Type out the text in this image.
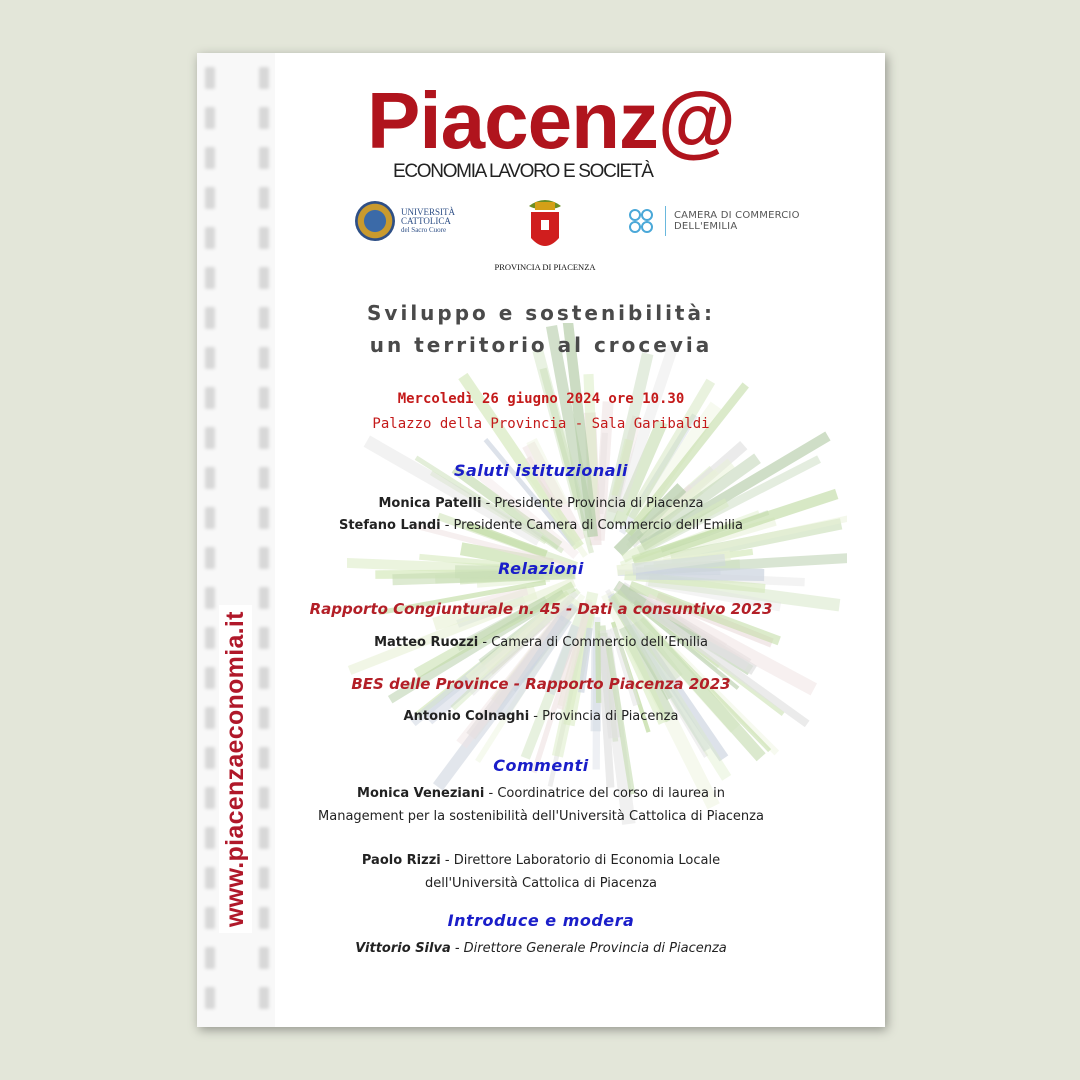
www.piacenzaeconomia.it
Piacenz@
ECONOMIA LAVORO E SOCIETÀ
UNIVERSITÀ
CATTOLICA
del Sacro Cuore
PROVINCIA DI PIACENZA
CAMERA DI COMMERCIO
DELL'EMILIA
Sviluppo e sostenibilità:
un territorio al crocevia
Mercoledì 26 giugno 2024 ore 10.30
Palazzo della Provincia - Sala Garibaldi
Saluti istituzionali
Monica Patelli - Presidente Provincia di Piacenza
Stefano Landi - Presidente Camera di Commercio dell’Emilia
Relazioni
Rapporto Congiunturale n. 45 - Dati a consuntivo 2023
Matteo Ruozzi - Camera di Commercio dell’Emilia
BES delle Province - Rapporto Piacenza 2023
Antonio Colnaghi - Provincia di Piacenza
Commenti
Monica Veneziani - Coordinatrice del corso di laurea in
Management per la sostenibilità dell'Università Cattolica di Piacenza
Paolo Rizzi - Direttore Laboratorio di Economia Locale
dell'Università Cattolica di Piacenza
Introduce e modera
Vittorio Silva - Direttore Generale Provincia di Piacenza
